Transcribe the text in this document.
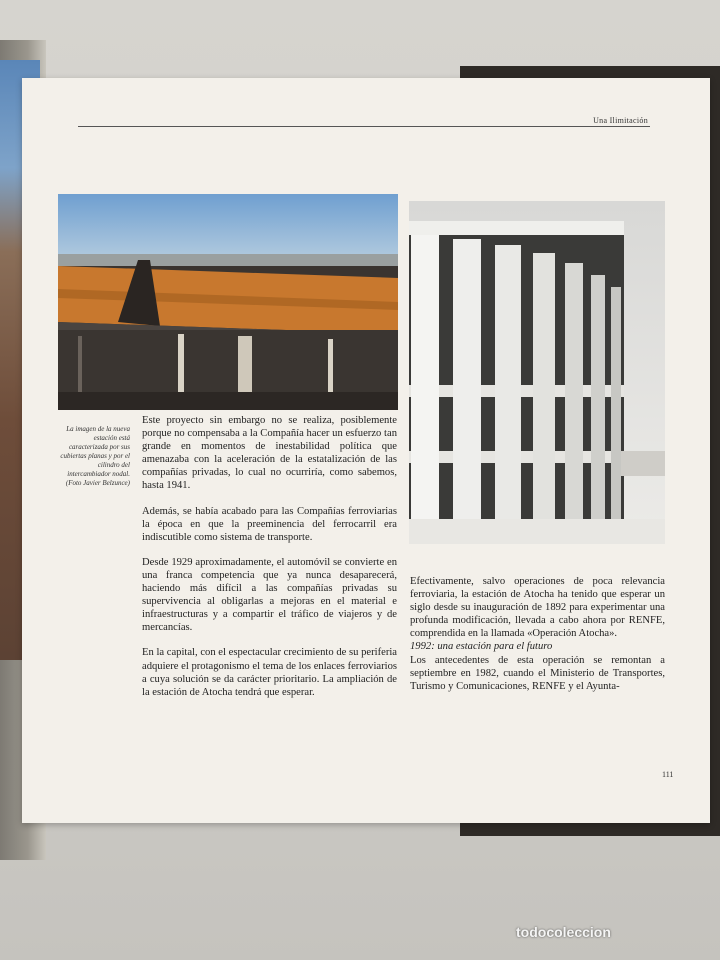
Una Ilimitación
La imagen de la nueva estación está caracterizada por sus cubiertas planas y por el cilindro del intercambiador nodal. (Foto Javier Belzunce)

Este proyecto sin embargo no se realiza, posiblemente porque no compensaba a la Compañía hacer un esfuerzo tan grande en momentos de inestabilidad política que amenazaba con la aceleración de la estatalización de las compañías privadas, lo cual no ocurriría, como sabemos, hasta 1941.

Además, se había acabado para las Compañías ferroviarias la época en que la preeminencia del ferrocarril era indiscutible como sistema de transporte.

Desde 1929 aproximadamente, el automóvil se convierte en una franca competencia que ya nunca desaparecerá, haciendo más difícil a las compañías privadas su supervivencia al obligarlas a mejoras en el material e infraestructuras y a compartir el tráfico de viajeros y de mercancías.

En la capital, con el espectacular crecimiento de su periferia adquiere el protagonismo el tema de los enlaces ferroviarios a cuya solución se da carácter prioritario. La ampliación de la estación de Atocha tendrá que esperar.

Efectivamente, salvo operaciones de poca relevancia ferroviaria, la estación de Atocha ha tenido que esperar un siglo desde su inauguración de 1892 para experimentar una profunda modificación, llevada a cabo ahora por RENFE, comprendida en la llamada «Operación Atocha».

1992: una estación para el futuro

Los antecedentes de esta operación se remontan a septiembre en 1982, cuando el Ministerio de Transportes, Turismo y Comunicaciones, RENFE y el Ayunta-

111
todocoleccion
